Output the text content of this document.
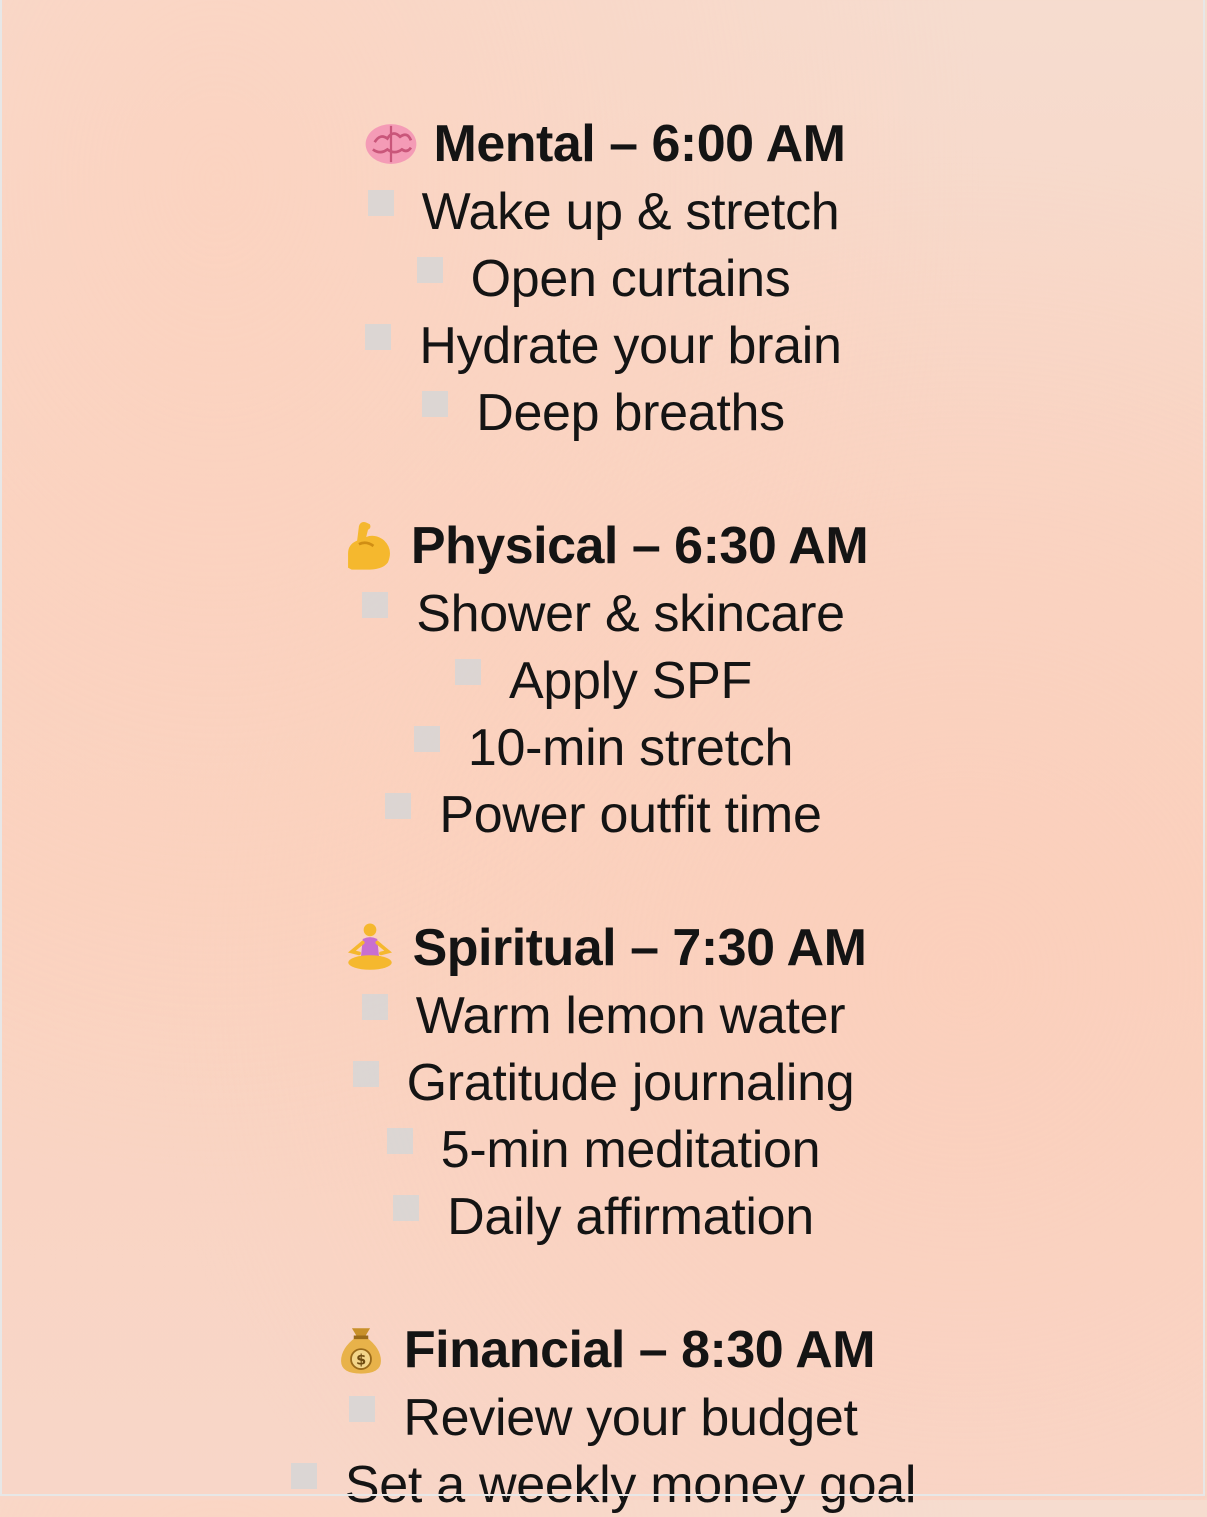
Mental – 6:00 AM
Wake up & stretch
Open curtains
Hydrate your brain
Deep breaths
Physical – 6:30 AM
Shower & skincare
Apply SPF
10-min stretch
Power outfit time
Spiritual – 7:30 AM
Warm lemon water
Gratitude journaling
5-min meditation
Daily affirmation
$ Financial – 8:30 AM
Review your budget
Set a weekly money goal
